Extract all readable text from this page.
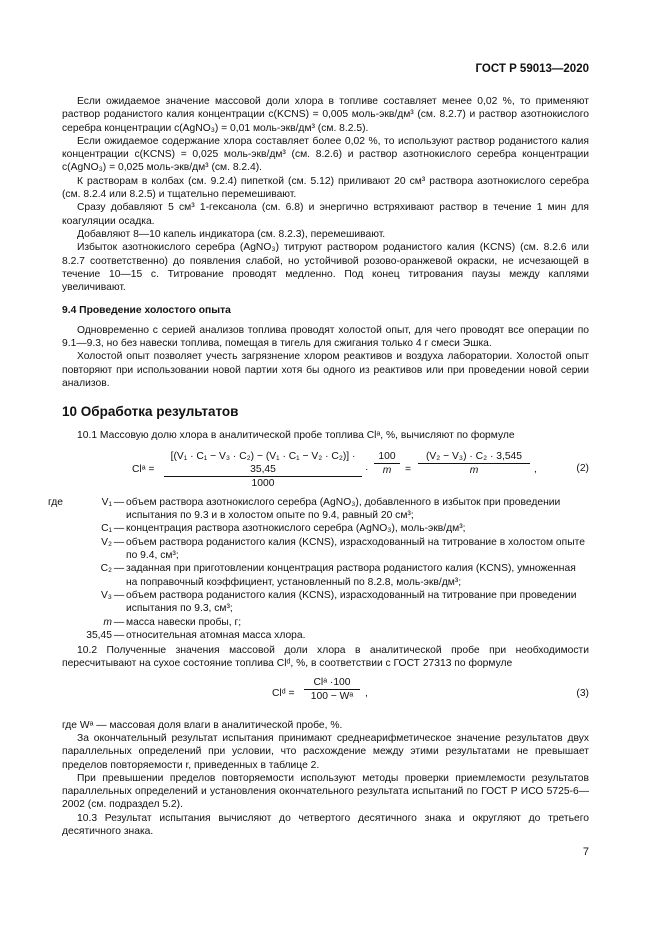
ГОСТ Р 59013—2020

Если ожидаемое значение массовой доли хлора в топливе составляет менее 0,02 %, то применяют раствор роданистого калия концентрации c(KCNS) = 0,005 моль-экв/дм³ (см. 8.2.7) и раствор азотнокислого серебра концентрации c(AgNO₃) = 0,01 моль-экв/дм³ (см. 8.2.5).

Если ожидаемое содержание хлора составляет более 0,02 %, то используют раствор роданистого калия концентрации c(KCNS) = 0,025 моль-экв/дм³ (см. 8.2.6) и раствор азотнокислого серебра концентрации c(AgNO₃) = 0,025 моль-экв/дм³ (см. 8.2.4).

К растворам в колбах (см. 9.2.4) пипеткой (см. 5.12) приливают 20 см³ раствора азотнокислого серебра (см. 8.2.4 или 8.2.5) и тщательно перемешивают.

Сразу добавляют 5 см³ 1-гексанола (см. 6.8) и энергично встряхивают раствор в течение 1 мин для коагуляции осадка.

Добавляют 8—10 капель индикатора (см. 8.2.3), перемешивают.

Избыток азотнокислого серебра (AgNO₃) титруют раствором роданистого калия (KCNS) (см. 8.2.6 или 8.2.7 соответственно) до появления слабой, но устойчивой розово-оранжевой окраски, не исчезающей в течение 10—15 с. Титрование проводят медленно. Под конец титрования паузы между каплями увеличивают.

9.4 Проведение холостого опыта

Одновременно с серией анализов топлива проводят холостой опыт, для чего проводят все операции по 9.1—9.3, но без навески топлива, помещая в тигель для сжигания только 4 г смеси Эшка.

Холостой опыт позволяет учесть загрязнение хлором реактивов и воздуха лаборатории. Холостой опыт повторяют при использовании новой партии хотя бы одного из реактивов или при проведении новой серии анализов.

10 Обработка результатов

10.1 Массовую долю хлора в аналитической пробе топлива Clᵃ, %, вычисляют по формуле

Clᵃ = $\frac{\text{[(V₁ · C₁ − V₃ · C₂) − (V₁ · C₁ − V₂ · C₂)] · 35,45}}{1000} \cdot \frac{100}{m} = \frac{\text{(V₂ − V₃) · C₂ · 3,545}}{m}$ ,	(2)
где	V₁ — объем раствора азотнокислого серебра (AgNO₃), добавленного в избыток при проведении испытания по 9.3 и в холостом опыте по 9.4, равный 20 см³;
C₁ — концентрация раствора азотнокислого серебра (AgNO₃), моль-экв/дм³;
V₂ — объем раствора роданистого калия (KCNS), израсходованный на титрование в холостом опыте по 9.4, см³;
C₂ — заданная при приготовлении концентрация раствора роданистого калия (KCNS), умноженная на поправочный коэффициент, установленный по 8.2.8, моль-экв/дм³;
V₃ — объем раствора роданистого калия (KCNS), израсходованный на титрование при проведении испытания по 9.3, см³;
m — масса навески пробы, г;
35,45 — относительная атомная масса хлора.

10.2 Полученные значения массовой доли хлора в аналитической пробе при необходимости пересчитывают на сухое состояние топлива Clᵈ, %, в соответствии с ГОСТ 27313 по формуле

Clᵈ =
Clᵃ ·100
100 − Wᵃ	,	(3)

где Wᵃ — массовая доля влаги в аналитической пробе, %.

За окончательный результат испытания принимают среднеарифметическое значение результатов двух параллельных определений при условии, что расхождение между этими результатами не превышает пределов повторяемости r, приведенных в таблице 2.

При превышении пределов повторяемости используют методы проверки приемлемости результатов параллельных определений и установления окончательного результата испытаний по ГОСТ Р ИСО 5725-6—2002 (см. подраздел 5.2).

10.3 Результат испытания вычисляют до четвертого десятичного знака и округляют до третьего десятичного знака.

7
